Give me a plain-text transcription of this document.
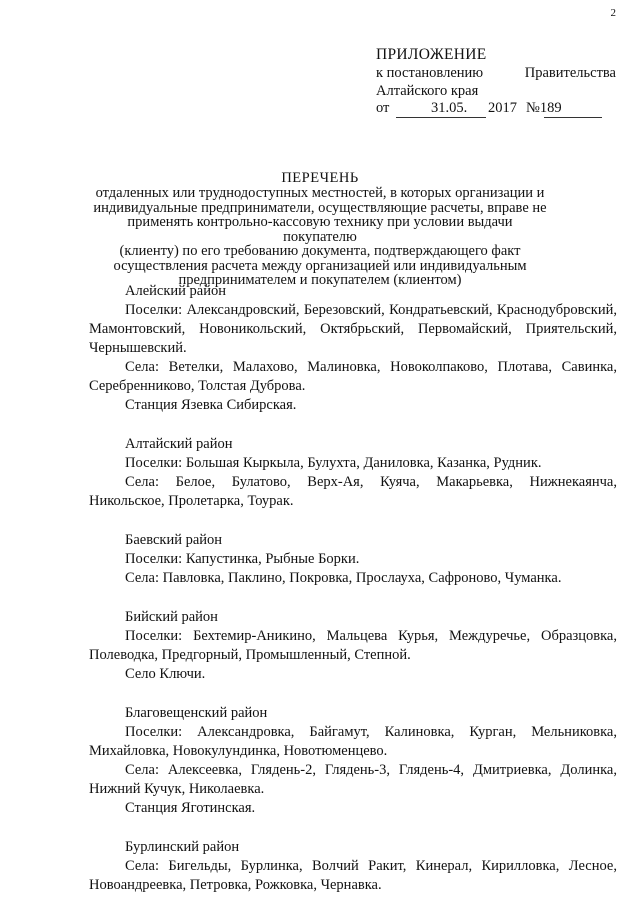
2
ПРИЛОЖЕНИЕ
к постановлению	Правительства
Алтайского края
от	31.05. 2017 №189
ПЕРЕЧЕНЬ
отдаленных или труднодоступных местностей, в которых организации и
индивидуальные предприниматели, осуществляющие расчеты, вправе не
применять контрольно-кассовую технику при условии выдачи покупателю
(клиенту) по его требованию документа, подтверждающего факт
осуществления расчета между организацией или индивидуальным
предпринимателем и покупателем (клиентом)
Алейский район
Поселки: Александровский, Березовский, Кондратьевский, Краснодубровский, Мамонтовский, Новоникольский, Октябрьский, Первомайский, Приятельский, Чернышевский.
Села: Ветелки, Малахово, Малиновка, Новоколпаково, Плотава, Савинка, Серебренниково, Толстая Дуброва.
Станция Язевка Сибирская.
Алтайский район
Поселки: Большая Кыркыла, Булухта, Даниловка, Казанка, Рудник.
Села: Белое, Булатово, Верх-Ая, Куяча, Макарьевка, Нижнекаянча, Никольское, Пролетарка, Тоурак.
Баевский район
Поселки: Капустинка, Рыбные Борки.
Села: Павловка, Паклино, Покровка, Прослауха, Сафроново, Чуманка.
Бийский район
Поселки: Бехтемир-Аникино, Мальцева Курья, Междуречье, Образцовка, Полеводка, Предгорный, Промышленный, Степной.
Село Ключи.
Благовещенский район
Поселки: Александровка, Байгамут, Калиновка, Курган, Мельниковка, Михайловка, Новокулундинка, Новотюменцево.
Села: Алексеевка, Глядень-2, Глядень-3, Глядень-4, Дмитриевка, Долинка, Нижний Кучук, Николаевка.
Станция Яготинская.
Бурлинский район
Села: Бигельды, Бурлинка, Волчий Ракит, Кинерал, Кирилловка, Лесное, Новоандреевка, Петровка, Рожковка, Чернавка.
